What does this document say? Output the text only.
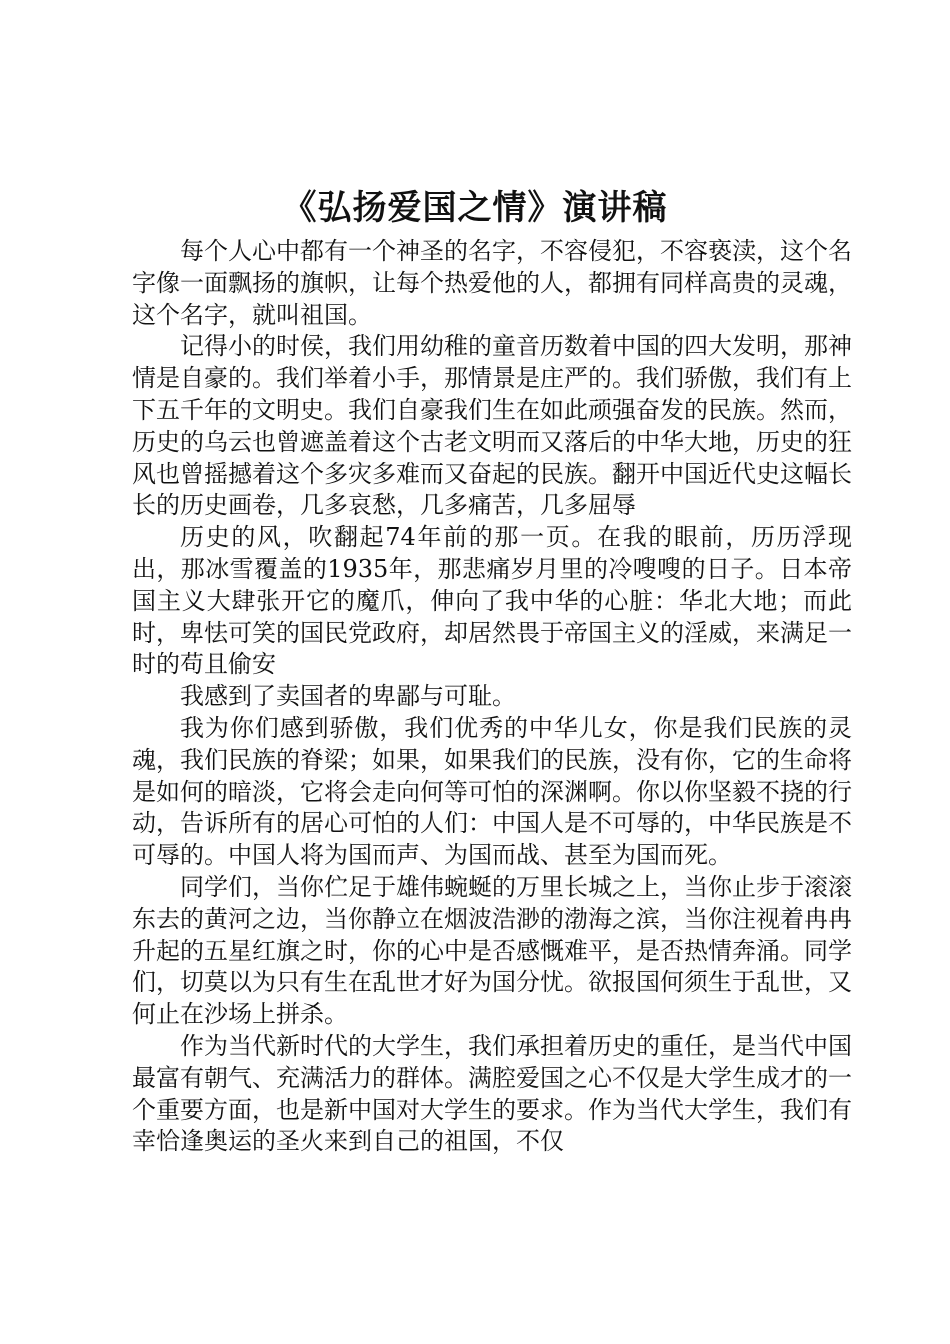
《弘扬爱国之情》演讲稿

每个人心中都有一个神圣的名字，不容侵犯，不容亵渎，这个名字像一面飘扬的旗帜，让每个热爱他的人，都拥有同样高贵的灵魂，这个名字，就叫祖国。

记得小的时侯，我们用幼稚的童音历数着中国的四大发明，那神情是自豪的。我们举着小手，那情景是庄严的。我们骄傲，我们有上下五千年的文明史。我们自豪我们生在如此顽强奋发的民族。然而，历史的乌云也曾遮盖着这个古老文明而又落后的中华大地，历史的狂风也曾摇撼着这个多灾多难而又奋起的民族。翻开中国近代史这幅长长的历史画卷，几多哀愁，几多痛苦，几多屈辱

历史的风，吹翻起74年前的那一页。在我的眼前，历历浮现出，那冰雪覆盖的1935年，那悲痛岁月里的冷嗖嗖的日子。日本帝国主义大肆张开它的魔爪，伸向了我中华的心脏：华北大地；而此时，卑怯可笑的国民党政府，却居然畏于帝国主义的淫威，来满足一时的苟且偷安

我感到了卖国者的卑鄙与可耻。

我为你们感到骄傲，我们优秀的中华儿女，你是我们民族的灵魂，我们民族的脊梁；如果，如果我们的民族，没有你，它的生命将是如何的暗淡，它将会走向何等可怕的深渊啊。你以你坚毅不挠的行动，告诉所有的居心可怕的人们：中国人是不可辱的，中华民族是不可辱的。中国人将为国而声、为国而战、甚至为国而死。

同学们，当你伫足于雄伟蜿蜒的万里长城之上，当你止步于滚滚东去的黄河之边，当你静立在烟波浩渺的渤海之滨，当你注视着冉冉升起的五星红旗之时，你的心中是否感慨难平，是否热情奔涌。同学们，切莫以为只有生在乱世才好为国分忧。欲报国何须生于乱世，又何止在沙场上拼杀。

作为当代新时代的大学生，我们承担着历史的重任，是当代中国最富有朝气、充满活力的群体。满腔爱国之心不仅是大学生成才的一个重要方面，也是新中国对大学生的要求。作为当代大学生，我们有幸恰逢奥运的圣火来到自己的祖国，不仅
